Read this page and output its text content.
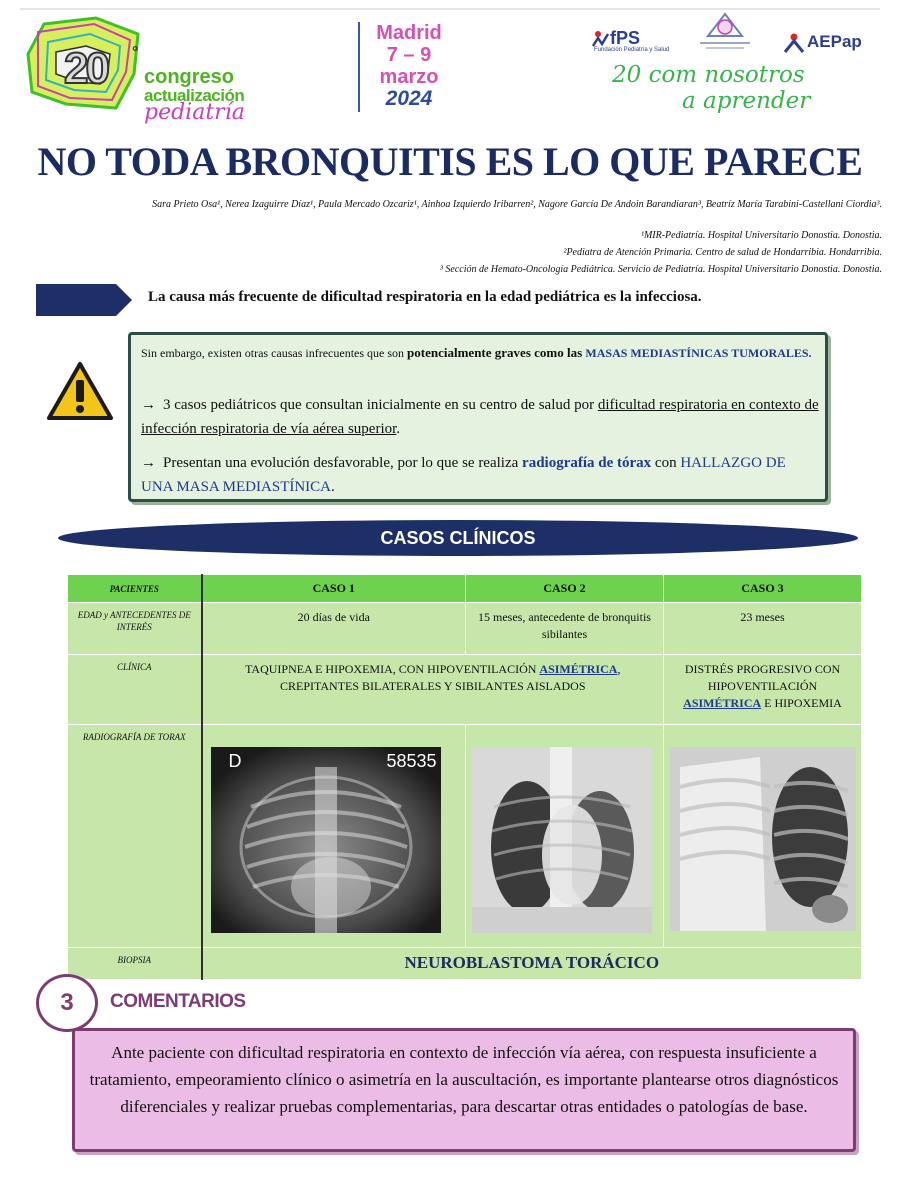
20 °
congreso
actualización
pediatría
Madrid
7 – 9
marzo
2024
fPS
Fundación Pediatría y Salud	AEPap
20 com nosotros
a aprender
NO TODA BRONQUITIS ES LO QUE PARECE

Sara Prieto Osa¹, Nerea Izaguirre Díaz¹, Paula Mercado Ozcariz¹, Ainhoa Izquierdo Iribarren², Nagore García De Andoin Barandiaran³, Beatríz María Tarabini-Castellani Ciordia³.

¹MIR-Pediatría. Hospital Universitario Donostia. Donostia.

²Pediatra de Atención Primaria. Centro de salud de Hondarribia. Hondarribia.

³ Sección de Hemato-Oncología Pediátrica. Servicio de Pediatría. Hospital Universitario Donostia. Donostia.

La causa más frecuente de dificultad respiratoria en la edad pediátrica es la infecciosa.

Sin embargo, existen otras causas infrecuentes que son potencialmente graves como las MASAS MEDIASTÍNICAS TUMORALES.

→ 3 casos pediátricos que consultan inicialmente en su centro de salud por dificultad respiratoria en contexto de infección respiratoria de vía aérea superior.

→ Presentan una evolución desfavorable, por lo que se realiza radiografía de tórax con HALLAZGO DE UNA MASA MEDIASTÍNICA.

CASOS CLÍNICOS
PACIENTES	CASO 1	CASO 2	CASO 3
EDAD y ANTECEDENTES DE INTERÉS	20 días de vida	15 meses, antecedente de bronquitis sibilantes	23 meses
CLÍNICA	TAQUIPNEA E HIPOXEMIA, CON HIPOVENTILACIÓN ASIMÉTRICA, CREPITANTES BILATERALES Y SIBILANTES AISLADOS		DISTRÉS PROGRESIVO CON HIPOVENTILACIÓN ASIMÉTRICA E HIPOXEMIA
RADIOGRAFÍA DE TORAX	D 58535

BIOPSIA	NEUROBLASTOMA TORÁCICO		
3	COMENTARIOS

Ante paciente con dificultad respiratoria en contexto de infección vía aérea, con respuesta insuficiente a tratamiento, empeoramiento clínico o asimetría en la auscultación, es importante plantearse otros diagnósticos diferenciales y realizar pruebas complementarias, para descartar otras entidades o patologías de base.
